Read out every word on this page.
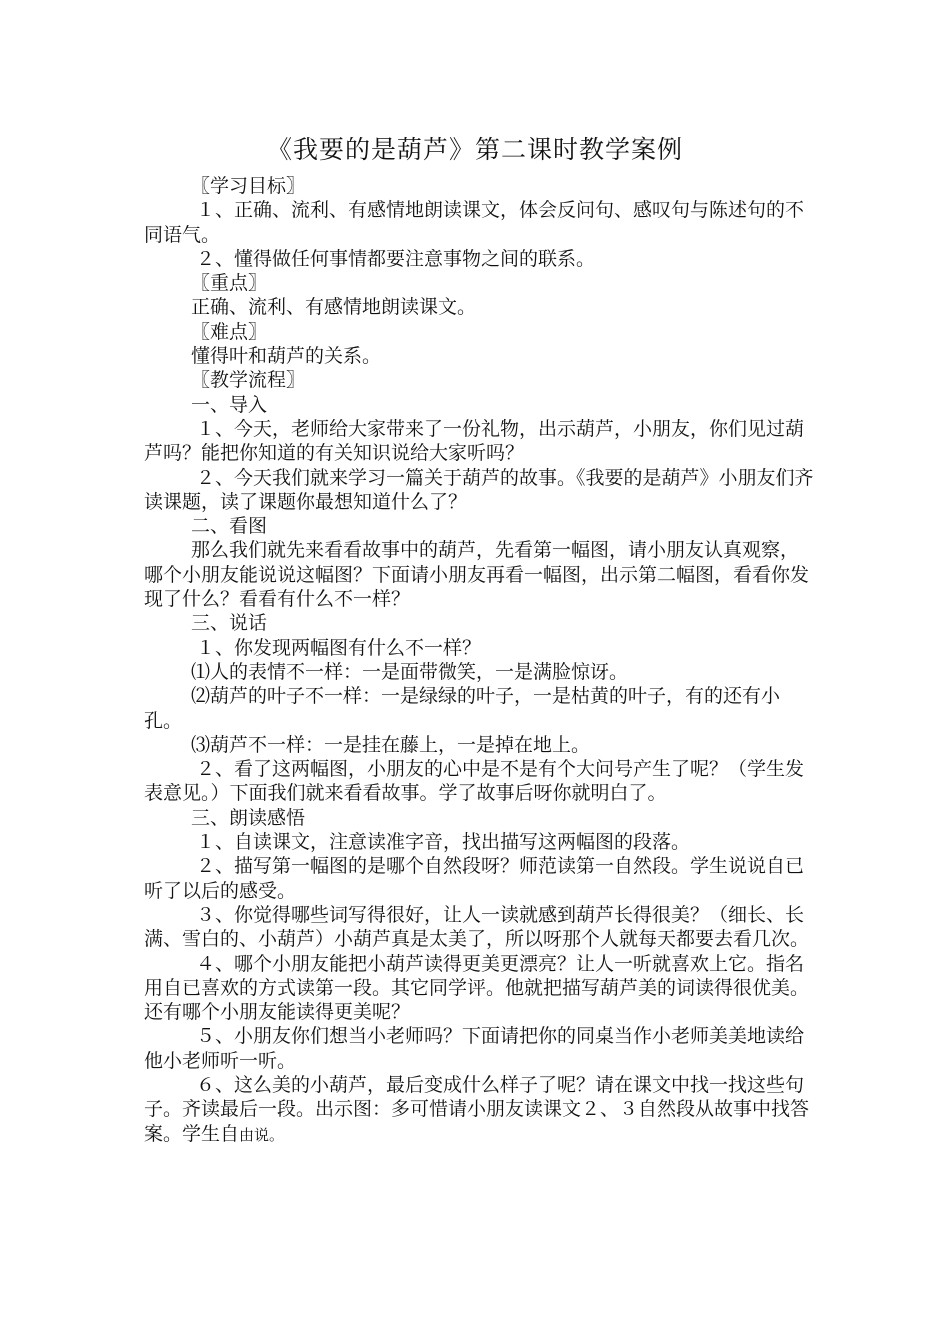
《我要的是葫芦》第二课时教学案例

〖学习目标〗

１、正确、流利、有感情地朗读课文，体会反问句、感叹句与陈述句的不同语气。

２、懂得做任何事情都要注意事物之间的联系。

〖重点〗

正确、流利、有感情地朗读课文。

〖难点〗

懂得叶和葫芦的关系。

〖教学流程〗

一、导入

１、今天，老师给大家带来了一份礼物，出示葫芦，小朋友，你们见过葫芦吗？能把你知道的有关知识说给大家听吗？

２、今天我们就来学习一篇关于葫芦的故事。《我要的是葫芦》小朋友们齐读课题，读了课题你最想知道什么了？

二、看图

那么我们就先来看看故事中的葫芦，先看第一幅图，请小朋友认真观察，哪个小朋友能说说这幅图？下面请小朋友再看一幅图，出示第二幅图，看看你发现了什么？看看有什么不一样？

三、说话

１、你发现两幅图有什么不一样？

⑴人的表情不一样：一是面带微笑，一是满脸惊讶。

⑵葫芦的叶子不一样：一是绿绿的叶子，一是枯黄的叶子，有的还有小孔。

⑶葫芦不一样：一是挂在藤上，一是掉在地上。

２、看了这两幅图，小朋友的心中是不是有个大问号产生了呢？（学生发表意见。）下面我们就来看看故事。学了故事后呀你就明白了。

三、朗读感悟

１、自读课文，注意读准字音，找出描写这两幅图的段落。

２、描写第一幅图的是哪个自然段呀？师范读第一自然段。学生说说自已听了以后的感受。

３、你觉得哪些词写得很好，让人一读就感到葫芦长得很美？（细长、长满、雪白的、小葫芦）小葫芦真是太美了，所以呀那个人就每天都要去看几次。

４、哪个小朋友能把小葫芦读得更美更漂亮？让人一听就喜欢上它。指名用自已喜欢的方式读第一段。其它同学评。他就把描写葫芦美的词读得很优美。还有哪个小朋友能读得更美呢？

５、小朋友你们想当小老师吗？下面请把你的同桌当作小老师美美地读给他小老师听一听。

６、这么美的小葫芦，最后变成什么样子了呢？请在课文中找一找这些句子。齐读最后一段。出示图：多可惜请小朋友读课文２、３自然段从故事中找答案。学生自由说。
